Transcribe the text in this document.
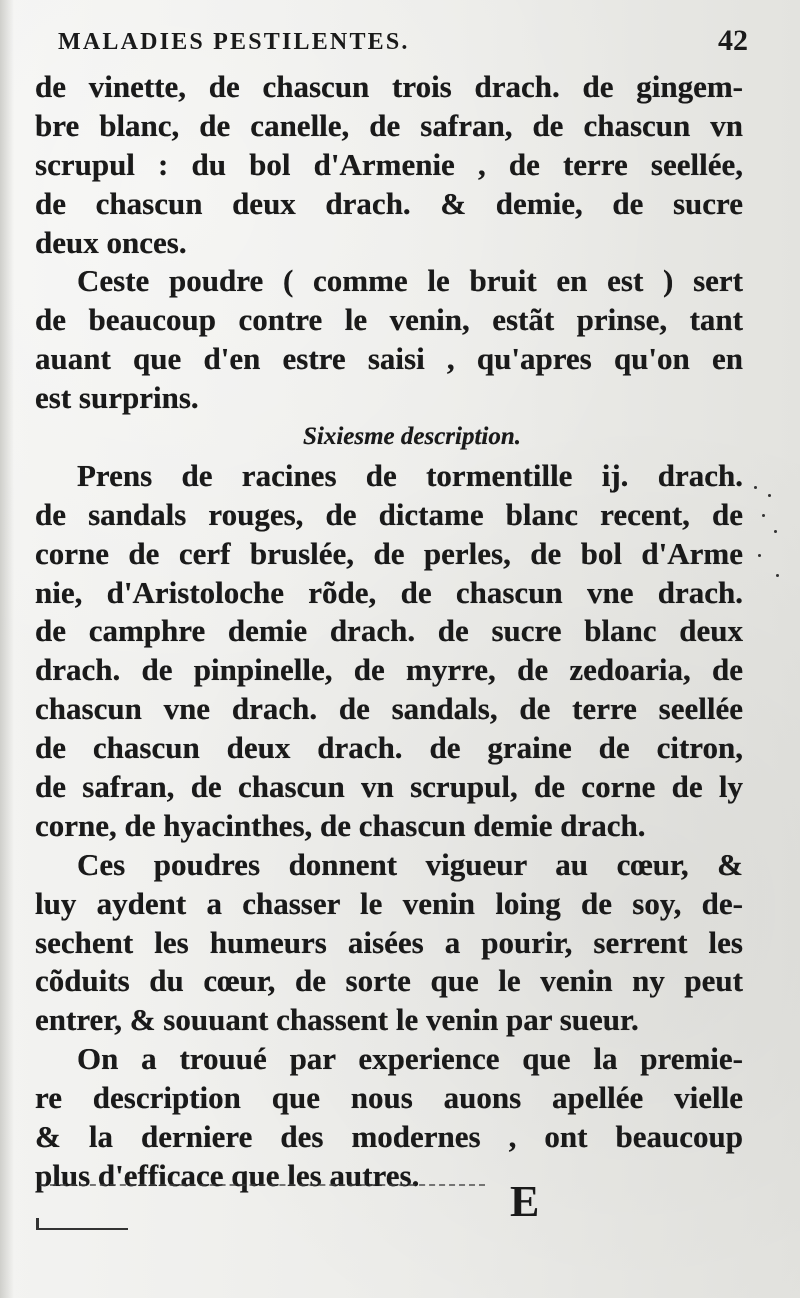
MALADIES PESTILENTES.	42
de vinette, de chascun trois drach. de gingem-
bre blanc, de canelle, de safran, de chascun vn
scrupul : du bol d'Armenie , de terre seellée,
de chascun deux drach. & demie, de sucre
deux onces.
Ceste poudre ( comme le bruit en est ) sert
de beaucoup contre le venin, estãt prinse, tant
auant que d'en estre saisi , qu'apres qu'on en
est surprins.
Sixiesme description.
Prens de racines de tormentille ij. drach.
de sandals rouges, de dictame blanc recent, de
corne de cerf bruslée, de perles, de bol d'Arme
nie, d'Aristoloche rõde, de chascun vne drach.
de camphre demie drach. de sucre blanc deux
drach. de pinpinelle, de myrre, de zedoaria, de
chascun vne drach. de sandals, de terre seellée
de chascun deux drach. de graine de citron,
de safran, de chascun vn scrupul, de corne de ly
corne, de hyacinthes, de chascun demie drach.
Ces poudres donnent vigueur au cœur, &
luy aydent a chasser le venin loing de soy, de-
sechent les humeurs aisées a pourir, serrent les
cõduits du cœur, de sorte que le venin ny peut
entrer, & souuant chassent le venin par sueur.
On a trouué par experience que la premie-
re description que nous auons apellée vielle
& la derniere des modernes , ont beaucoup
plus d'efficace que les autres.
E
